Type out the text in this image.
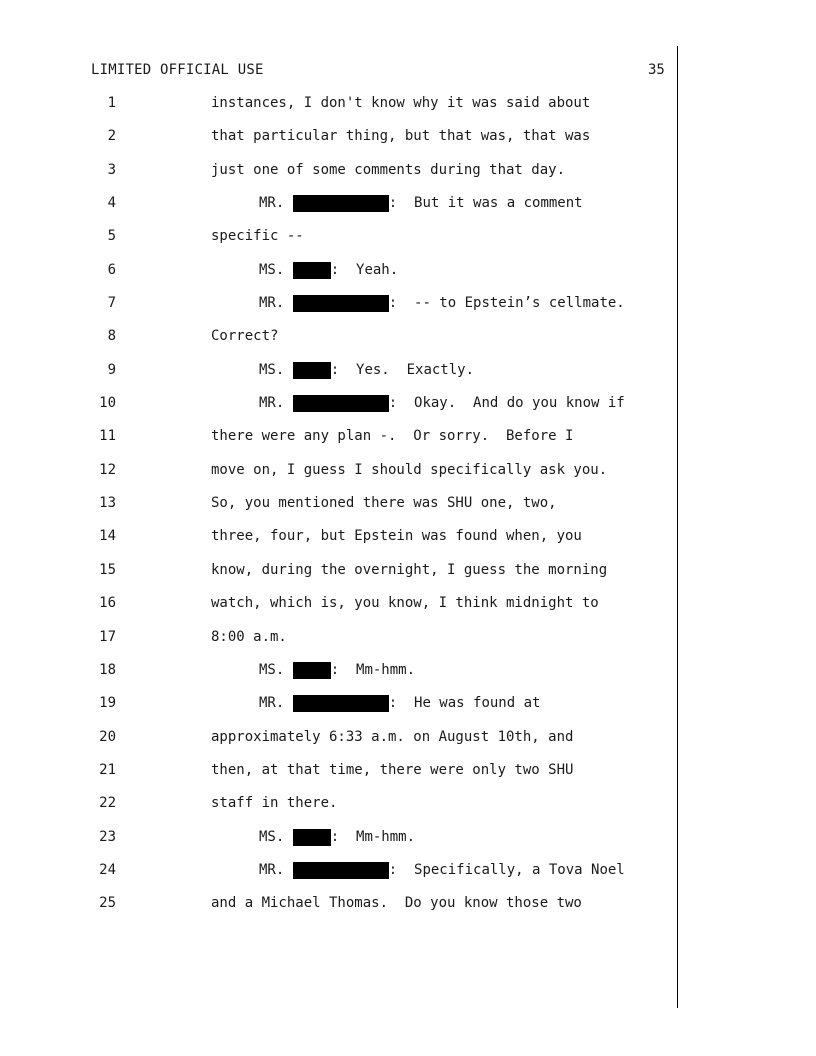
LIMITED OFFICIAL USE	35
1	instances, I don't know why it was said about
2	that particular thing, but that was, that was
3	just one of some comments during that day.
4	MR.	:  But it was a comment
5	specific --
6	MS.	:  Yeah.
7	MR.	:  -- to Epstein’s cellmate.
8	Correct?
9	MS.	:  Yes.  Exactly.
10	MR.	:  Okay.  And do you know if
11	there were any plan -.  Or sorry.  Before I
12	move on, I guess I should specifically ask you.
13	So, you mentioned there was SHU one, two,
14	three, four, but Epstein was found when, you
15	know, during the overnight, I guess the morning
16	watch, which is, you know, I think midnight to
17	8:00 a.m.
18	MS.	:  Mm-hmm.
19	MR.	:  He was found at
20	approximately 6:33 a.m. on August 10th, and
21	then, at that time, there were only two SHU
22	staff in there.
23	MS.	:  Mm-hmm.
24	MR.	:  Specifically, a Tova Noel
25	and a Michael Thomas.  Do you know those two
